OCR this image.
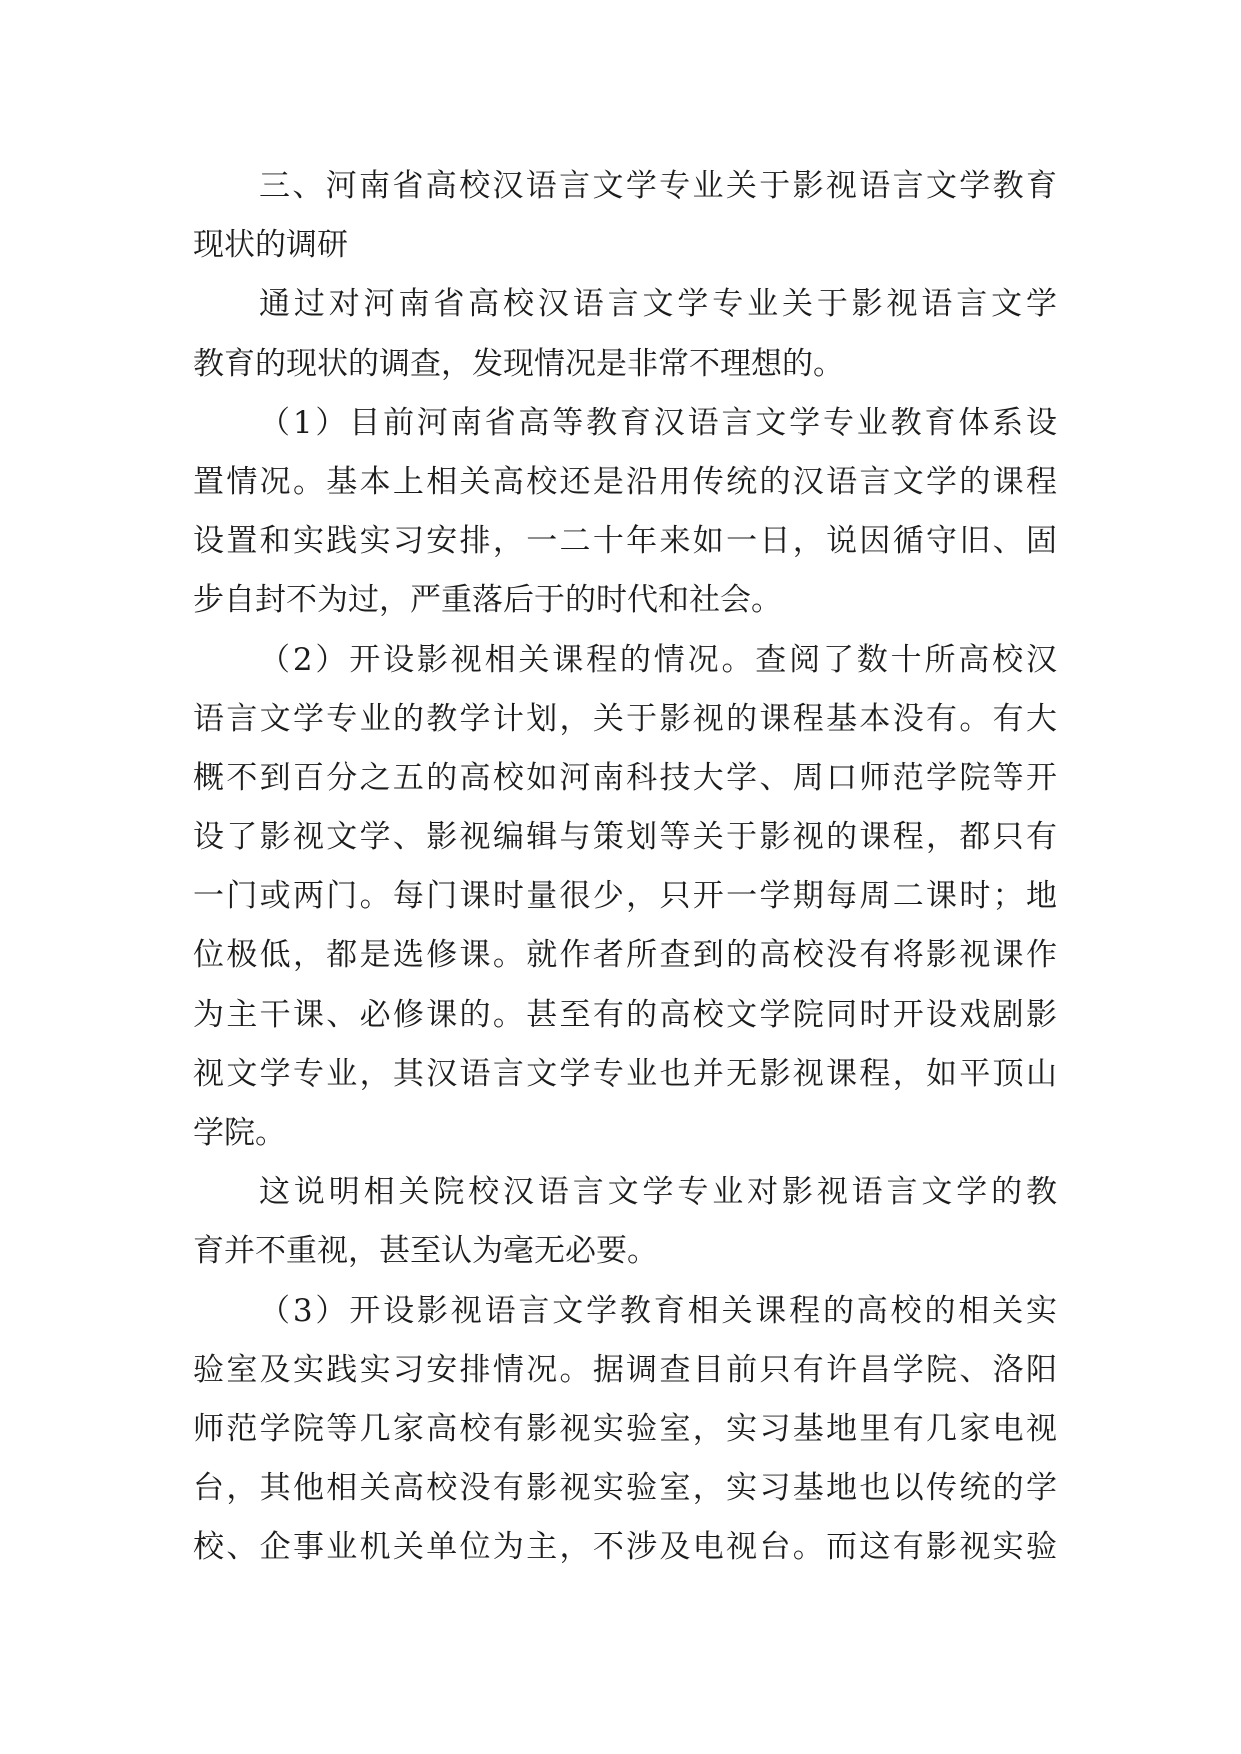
三、河南省高校汉语言文学专业关于影视语言文学教育
现状的调研
通过对河南省高校汉语言文学专业关于影视语言文学
教育的现状的调查，发现情况是非常不理想的。
（1）目前河南省高等教育汉语言文学专业教育体系设
置情况。基本上相关高校还是沿用传统的汉语言文学的课程
设置和实践实习安排，一二十年来如一日，说因循守旧、固
步自封不为过，严重落后于的时代和社会。
（2）开设影视相关课程的情况。查阅了数十所高校汉
语言文学专业的教学计划，关于影视的课程基本没有。有大
概不到百分之五的高校如河南科技大学、周口师范学院等开
设了影视文学、影视编辑与策划等关于影视的课程，都只有
一门或两门。每门课时量很少，只开一学期每周二课时；地
位极低，都是选修课。就作者所查到的高校没有将影视课作
为主干课、必修课的。甚至有的高校文学院同时开设戏剧影
视文学专业，其汉语言文学专业也并无影视课程，如平顶山
学院。
这说明相关院校汉语言文学专业对影视语言文学的教
育并不重视，甚至认为毫无必要。
（3）开设影视语言文学教育相关课程的高校的相关实
验室及实践实习安排情况。据调查目前只有许昌学院、洛阳
师范学院等几家高校有影视实验室，实习基地里有几家电视
台，其他相关高校没有影视实验室，实习基地也以传统的学
校、企事业机关单位为主，不涉及电视台。而这有影视实验
